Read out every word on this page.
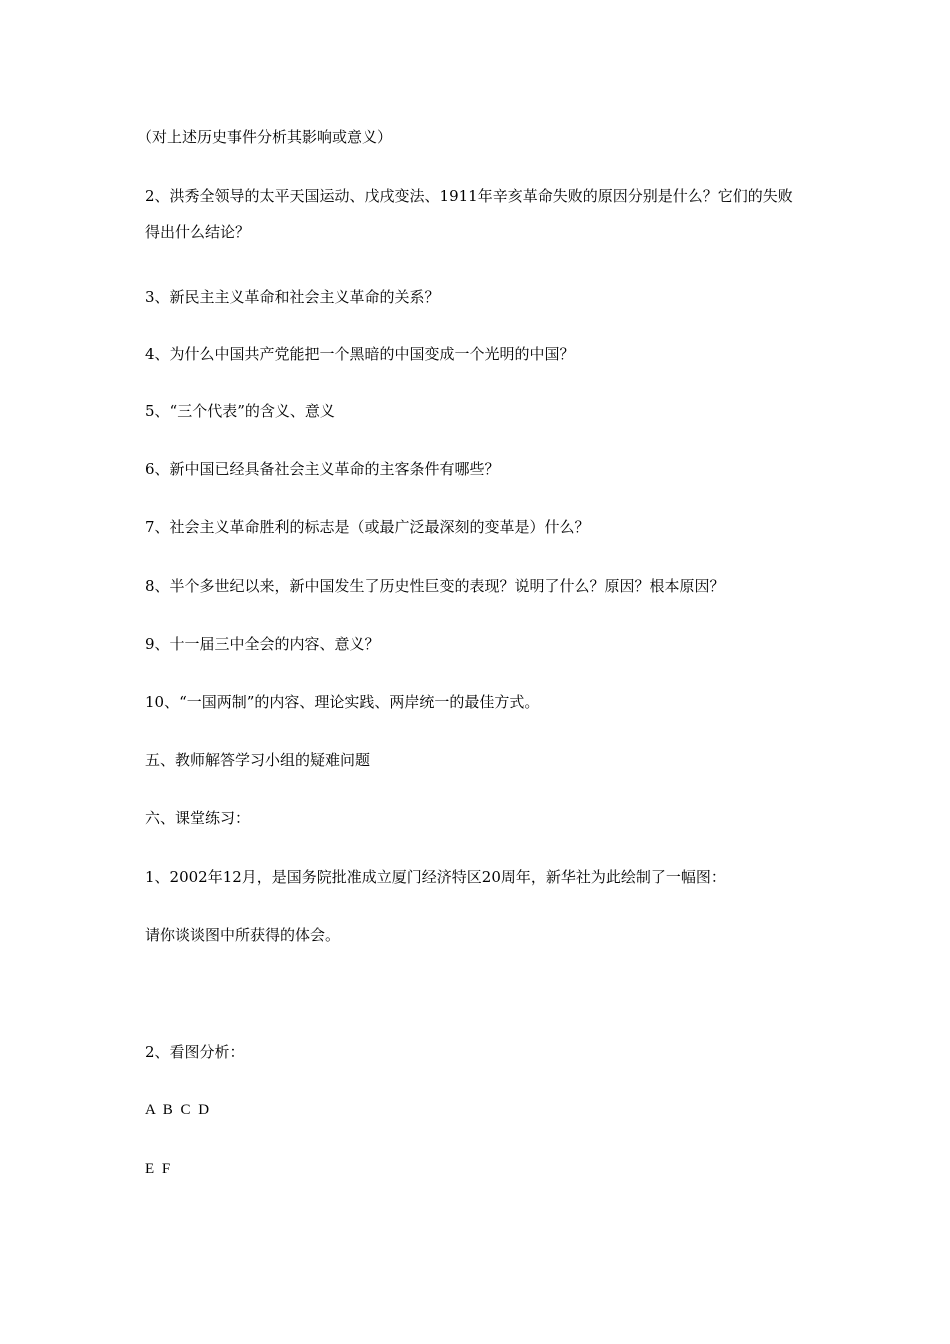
（对上述历史事件分析其影响或意义）
2、洪秀全领导的太平天国运动、戊戌变法、1911年辛亥革命失败的原因分别是什么？它们的失败得出什么结论？
3、新民主主义革命和社会主义革命的关系？
4、为什么中国共产党能把一个黑暗的中国变成一个光明的中国？
5、“三个代表”的含义、意义
6、新中国已经具备社会主义革命的主客条件有哪些？
7、社会主义革命胜利的标志是（或最广泛最深刻的变革是）什么？
8、半个多世纪以来，新中国发生了历史性巨变的表现？说明了什么？原因？根本原因？
9、十一届三中全会的内容、意义？
10、“一国两制”的内容、理论实践、两岸统一的最佳方式。
五、教师解答学习小组的疑难问题
六、课堂练习：
1、2002年12月，是国务院批准成立厦门经济特区20周年，新华社为此绘制了一幅图：
请你谈谈图中所获得的体会。
2、看图分析：
A B C D
E F
